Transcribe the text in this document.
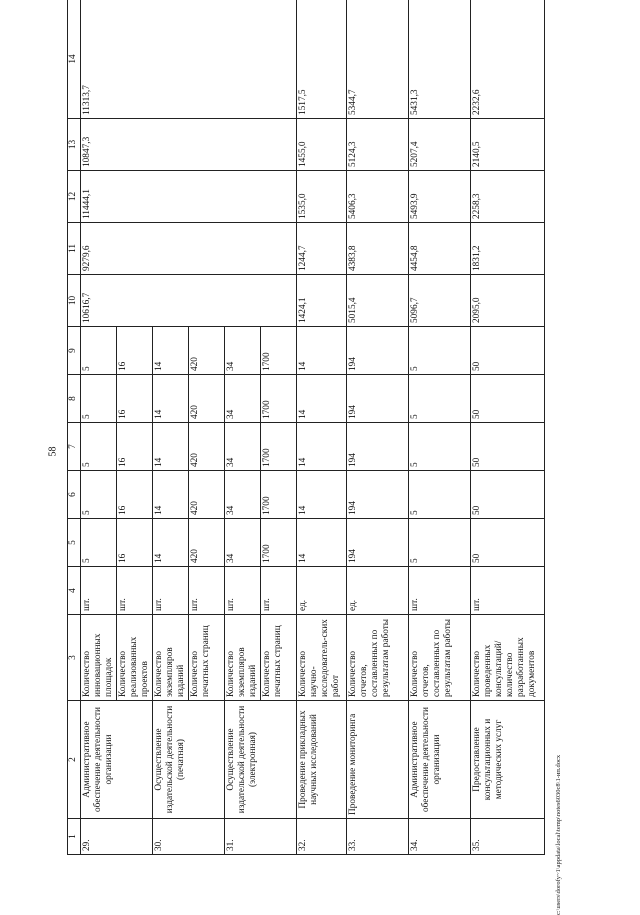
58
1	2	3	4	5	6	7	8	9	10	11	12	13	14
29.	Административное обеспечение деятельности организации	Количество инновационных площадок	шт.	5	5	5	5	5	10616,7	9279,6	11444,1	10847,3	11313,7
		Количество реализованных проектов	шт.	16	16	16	16	16					
30.	Осуществление издательской деятельности (печатная)	Количество экземпляров изданий	шт.	14	14	14	14	14					
		Количество печатных страниц	шт.	420	420	420	420	420					
31.	Осуществление издательской деятельности (электронная)	Количество экземпляров изданий	шт.	34	34	34	34	34					
		Количество печатных страниц	шт.	1700	1700	1700	1700	1700					
32.	Проведение прикладных научных исследований	Количество научно-исследователь-ских работ	ед.	14	14	14	14	14	1424,1	1244,7	1535,0	1455,0	1517,5
33.	Проведение мониторинга	Количество отчетов, составленных по результатам работы	ед.	194	194	194	194	194	5015,4	4383,8	5406,3	5124,3	5344,7
34.	Административное обеспечение деятельности организации	Количество отчетов, составленных по результатам работы	шт.	5	5	5	5	5	5096,7	4454,8	5493,9	5207,4	5431,3
35.	Предоставление консультационных и методических услуг	Количество проведенных консультаций/ количество разработанных документов	шт.	50	50	50	50	50	2095,0	1831,2	2258,3	2140,5	2232,6
c:\users\dorofy~1\appdata\local\temp\notes6030c8\1-ип.docx
